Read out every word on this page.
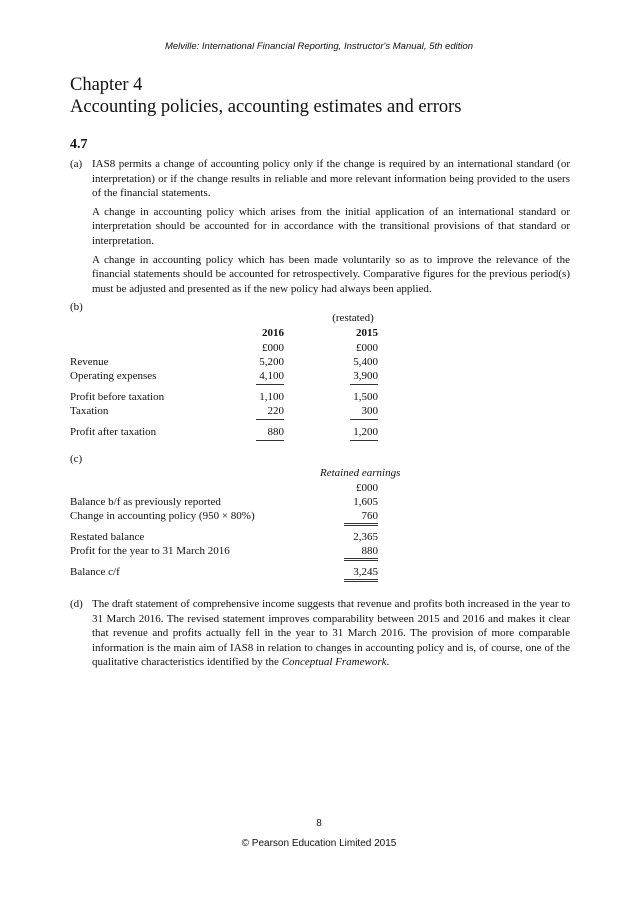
Melville: International Financial Reporting, Instructor's Manual, 5th edition
Chapter 4
Accounting policies, accounting estimates and errors
4.7
(a) IAS8 permits a change of accounting policy only if the change is required by an international standard (or interpretation) or if the change results in reliable and more relevant information being provided to the users of the financial statements.

A change in accounting policy which arises from the initial application of an international standard or interpretation should be accounted for in accordance with the transitional provisions of that standard or interpretation.

A change in accounting policy which has been made voluntarily so as to improve the relevance of the financial statements should be accounted for retrospectively. Comparative figures for the previous period(s) must be adjusted and presented as if the new policy had always been applied.

(b)
(restated)
2016	2015
£000	£000
Revenue	5,200	5,400
Operating expenses	4,100	3,900
Profit before taxation	1,100	1,500
Taxation	220	300
Profit after taxation	880	1,200
(c)
Retained earnings
£000
Balance b/f as previously reported	1,605
Change in accounting policy (950 × 80%)	760
Restated balance	2,365
Profit for the year to 31 March 2016	880
Balance c/f	3,245
(d) The draft statement of comprehensive income suggests that revenue and profits both increased in the year to 31 March 2016. The revised statement improves comparability between 2015 and 2016 and makes it clear that revenue and profits actually fell in the year to 31 March 2016. The provision of more comparable information is the main aim of IAS8 in relation to changes in accounting policy and is, of course, one of the qualitative characteristics identified by the Conceptual Framework.

8
© Pearson Education Limited 2015
